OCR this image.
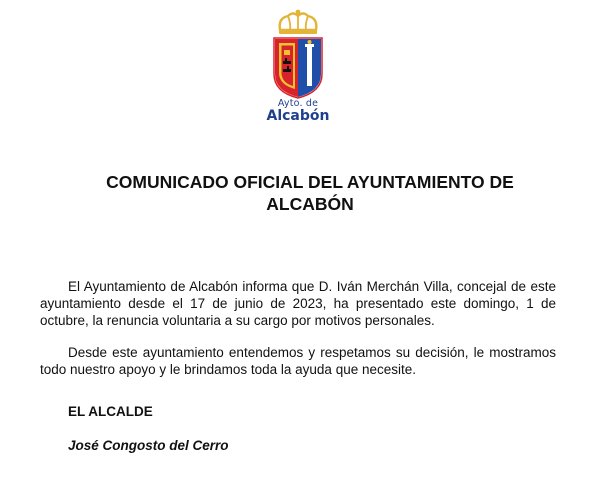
Ayto. de
Alcabón
COMUNICADO OFICIAL DEL AYUNTAMIENTO DE
ALCABÓN

El Ayuntamiento de Alcabón informa que D. Iván Merchán Villa, concejal de este ayuntamiento desde el 17 de junio de 2023, ha presentado este domingo, 1 de octubre, la renuncia voluntaria a su cargo por motivos personales.

Desde este ayuntamiento entendemos y respetamos su decisión, le mostramos todo nuestro apoyo y le brindamos toda la ayuda que necesite.

EL ALCALDE

José Congosto del Cerro
